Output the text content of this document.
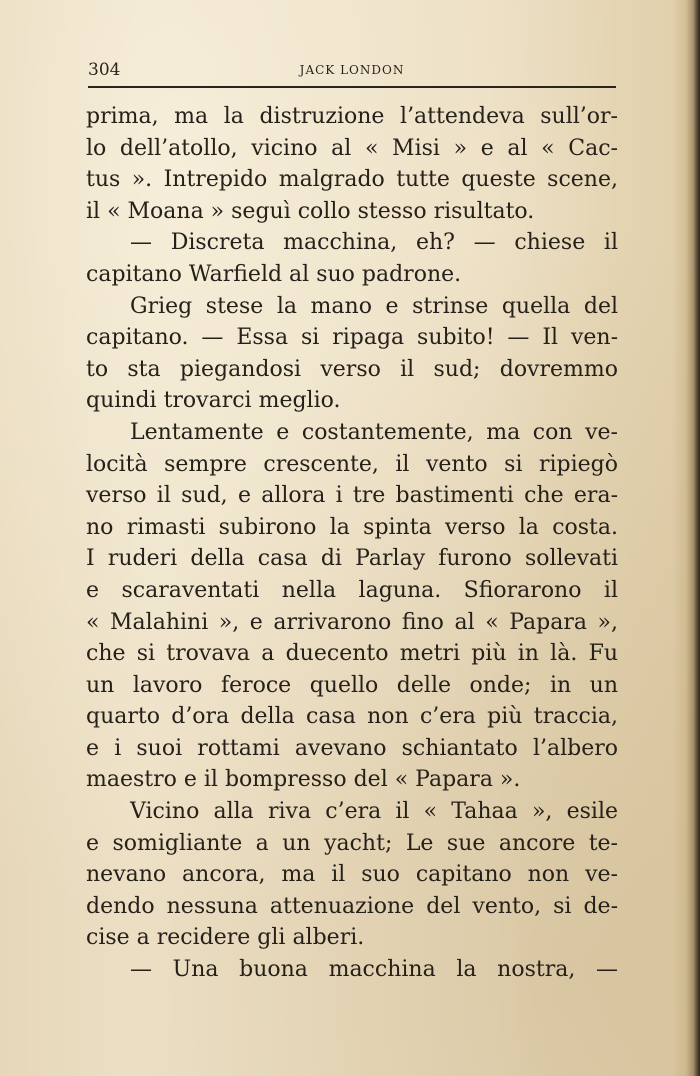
304	JACK LONDON
prima, ma la distruzione l’attendeva sull’or-
lo dell’atollo, vicino al « Misi » e al « Cac-
tus ». Intrepido malgrado tutte queste scene,
il « Moana » seguì collo stesso risultato.
— Discreta macchina, eh? — chiese il
capitano Warfield al suo padrone.
Grieg stese la mano e strinse quella del
capitano. — Essa si ripaga subito! — Il ven-
to sta piegandosi verso il sud; dovremmo
quindi trovarci meglio.
Lentamente e costantemente, ma con ve-
locità sempre crescente, il vento si ripiegò
verso il sud, e allora i tre bastimenti che era-
no rimasti subirono la spinta verso la costa.
I ruderi della casa di Parlay furono sollevati
e scaraventati nella laguna. Sfiorarono il
« Malahini », e arrivarono fino al « Papara »,
che si trovava a duecento metri più in là. Fu
un lavoro feroce quello delle onde; in un
quarto d’ora della casa non c’era più traccia,
e i suoi rottami avevano schiantato l’albero
maestro e il bompresso del « Papara ».
Vicino alla riva c’era il « Tahaa », esile
e somigliante a un yacht; Le sue ancore te-
nevano ancora, ma il suo capitano non ve-
dendo nessuna attenuazione del vento, si de-
cise a recidere gli alberi.
— Una buona macchina la nostra, —
